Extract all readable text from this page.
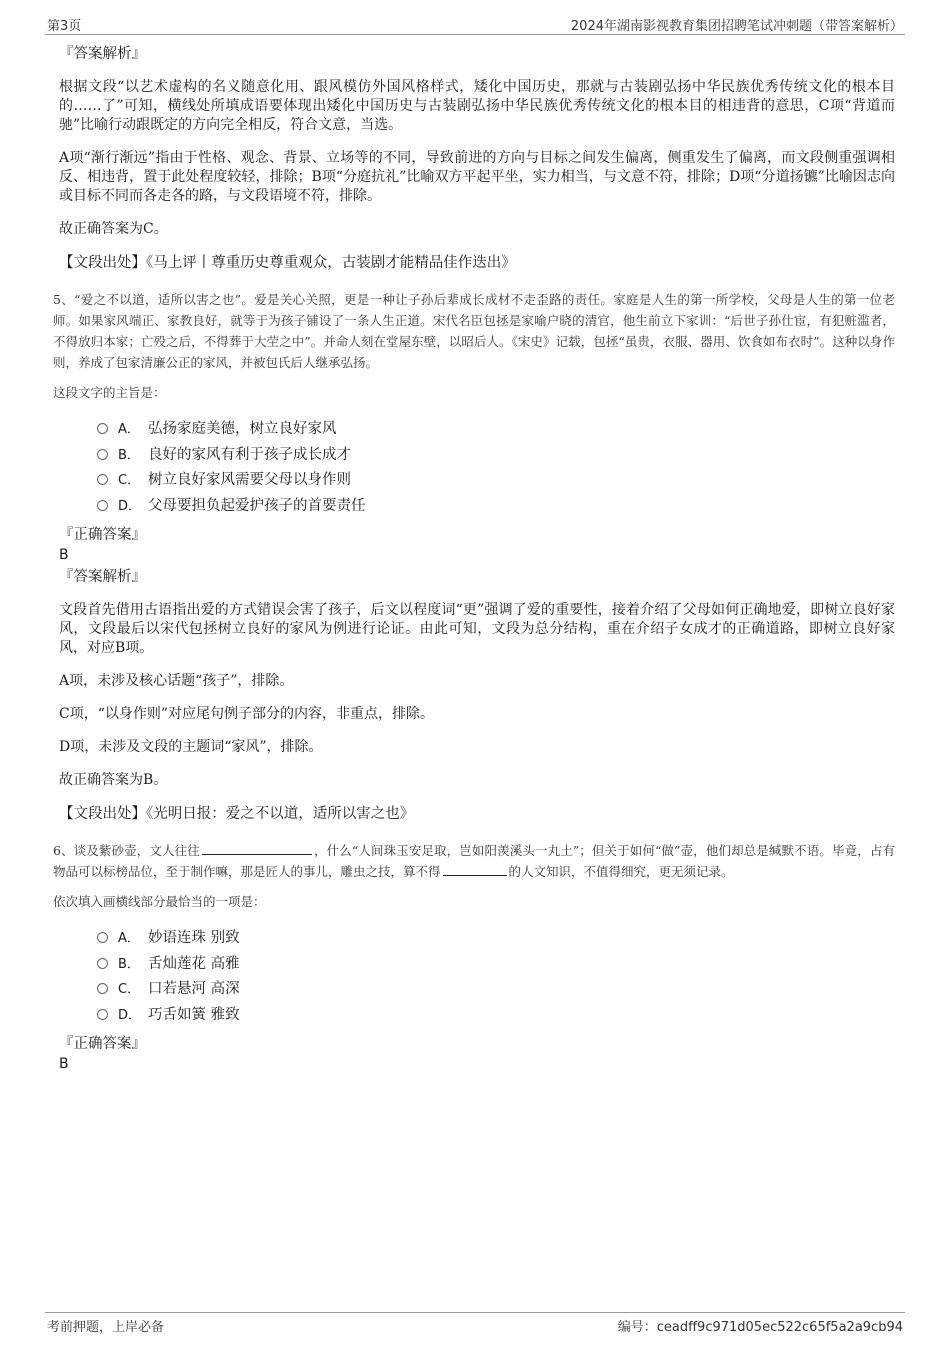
第3页	2024年湖南影视教育集团招聘笔试冲刺题（带答案解析）
『答案解析』

根据文段“以艺术虚构的名义随意化用、跟风模仿外国风格样式，矮化中国历史，那就与古装剧弘扬中华民族优秀传统文化的根本目的……了”可知，横线处所填成语要体现出矮化中国历史与古装剧弘扬中华民族优秀传统文化的根本目的相违背的意思，C项“背道而驰”比喻行动跟既定的方向完全相反，符合文意，当选。

A项“渐行渐远”指由于性格、观念、背景、立场等的不同，导致前进的方向与目标之间发生偏离，侧重发生了偏离，而文段侧重强调相反、相违背，置于此处程度较轻，排除；B项“分庭抗礼”比喻双方平起平坐，实力相当，与文意不符，排除；D项“分道扬镳”比喻因志向或目标不同而各走各的路，与文段语境不符，排除。

故正确答案为C。

【文段出处】《马上评丨尊重历史尊重观众，古装剧才能精品佳作迭出》

5、“爱之不以道，适所以害之也”。爱是关心关照，更是一种让子孙后辈成长成材不走歪路的责任。家庭是人生的第一所学校，父母是人生的第一位老师。如果家风端正、家教良好，就等于为孩子铺设了一条人生正道。宋代名臣包拯是家喻户晓的清官，他生前立下家训：“后世子孙仕宦，有犯赃滥者，不得放归本家；亡殁之后，不得葬于大茔之中”。并命人刻在堂屋东壁，以昭后人。《宋史》记载，包拯“虽贵，衣服、器用、饮食如布衣时”。这种以身作则，养成了包家清廉公正的家风，并被包氏后人继承弘扬。

这段文字的主旨是：
A． 弘扬家庭美德，树立良好家风
B． 良好的家风有利于孩子成长成才
C． 树立良好家风需要父母以身作则
D． 父母要担负起爱护孩子的首要责任
『正确答案』
B
『答案解析』

文段首先借用古语指出爱的方式错误会害了孩子，后文以程度词“更”强调了爱的重要性，接着介绍了父母如何正确地爱，即树立良好家风，文段最后以宋代包拯树立良好的家风为例进行论证。由此可知，文段为总分结构，重在介绍子女成才的正确道路，即树立良好家风，对应B项。

A项，未涉及核心话题“孩子”，排除。

C项，“以身作则”对应尾句例子部分的内容，非重点，排除。

D项，未涉及文段的主题词“家风”，排除。

故正确答案为B。

【文段出处】《光明日报：爱之不以道，适所以害之也》

6、谈及紫砂壶，文人往往	，什么“人间珠玉安足取，岂如阳羡溪头一丸土”；但关于如何“做”壶，他们却总是缄默不语。毕竟，占有物品可以标榜品位，至于制作嘛，那是匠人的事儿，雕虫之技，算不得	的人文知识，不值得细究，更无须记录。

依次填入画横线部分最恰当的一项是：
A． 妙语连珠 别致
B． 舌灿莲花 高雅
C． 口若悬河 高深
D． 巧舌如簧 雅致
『正确答案』
B
考前押题，上岸必备	编号：ceadff9c971d05ec522c65f5a2a9cb94
